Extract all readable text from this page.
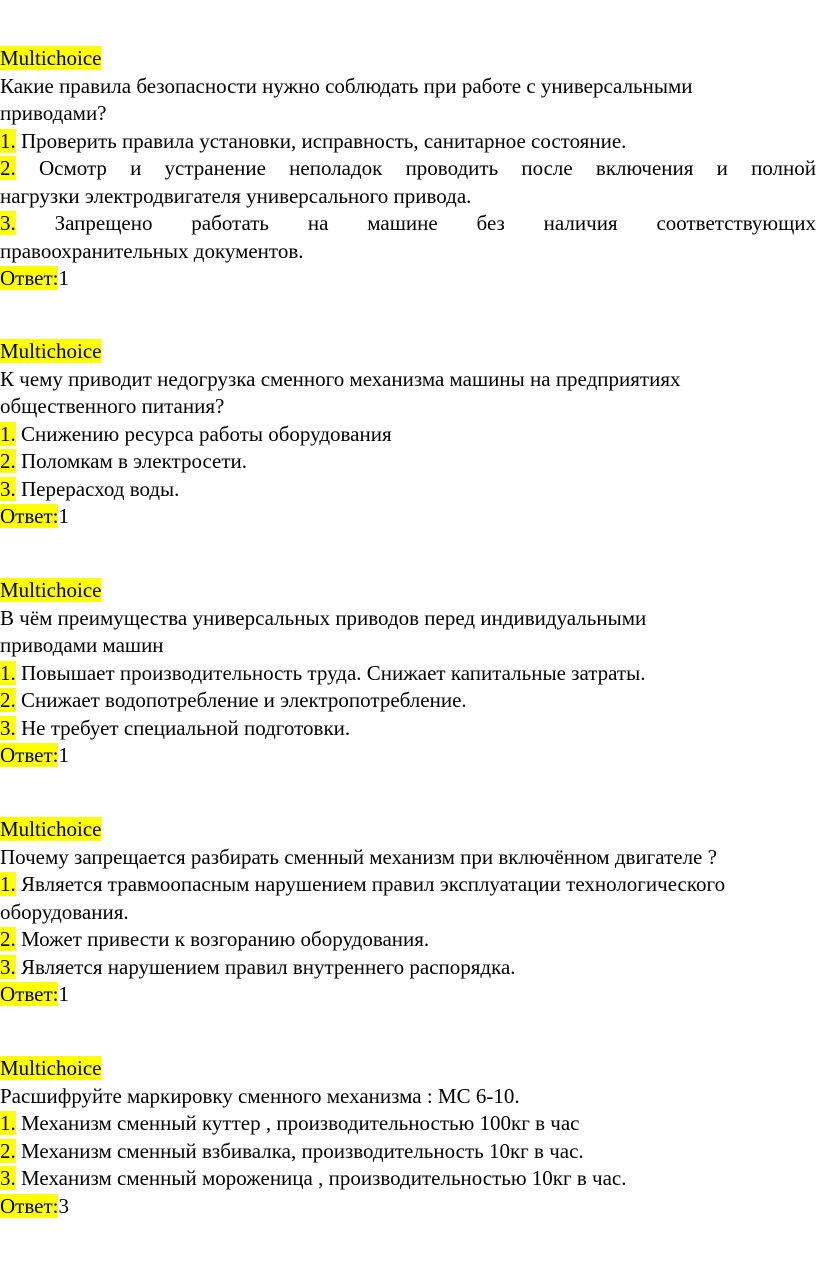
Multichoice
Какие правила безопасности нужно соблюдать при работе с универсальными
приводами?
1. Проверить правила установки, исправность, санитарное состояние.
2. Осмотр и устранение неполадок проводить после включения и полной
нагрузки электродвигателя универсального привода.
3. Запрещено работать на машине без наличия соответствующих
правоохранительных документов.
Ответ:1
Multichoice
К чему приводит недогрузка сменного механизма машины на предприятиях
общественного питания?
1. Снижению ресурса работы оборудования
2. Поломкам в электросети.
3. Перерасход воды.
Ответ:1
Multichoice
В чём преимущества универсальных приводов перед индивидуальными
приводами машин
1. Повышает производительность труда. Снижает капитальные затраты.
2. Снижает водопотребление и электропотребление.
3. Не требует специальной подготовки.
Ответ:1
Multichoice
Почему запрещается разбирать сменный механизм при включённом двигателе ?
1. Является травмоопасным нарушением правил эксплуатации технологического
оборудования.
2. Может привести к возгоранию оборудования.
3. Является нарушением правил внутреннего распорядка.
Ответ:1
Multichoice
Расшифруйте маркировку сменного механизма : МС 6-10.
1. Механизм сменный куттер , производительностью 100кг в час
2. Механизм сменный взбивалка, производительность 10кг в час.
3. Механизм сменный мороженица , производительностью 10кг в час.
Ответ:3
